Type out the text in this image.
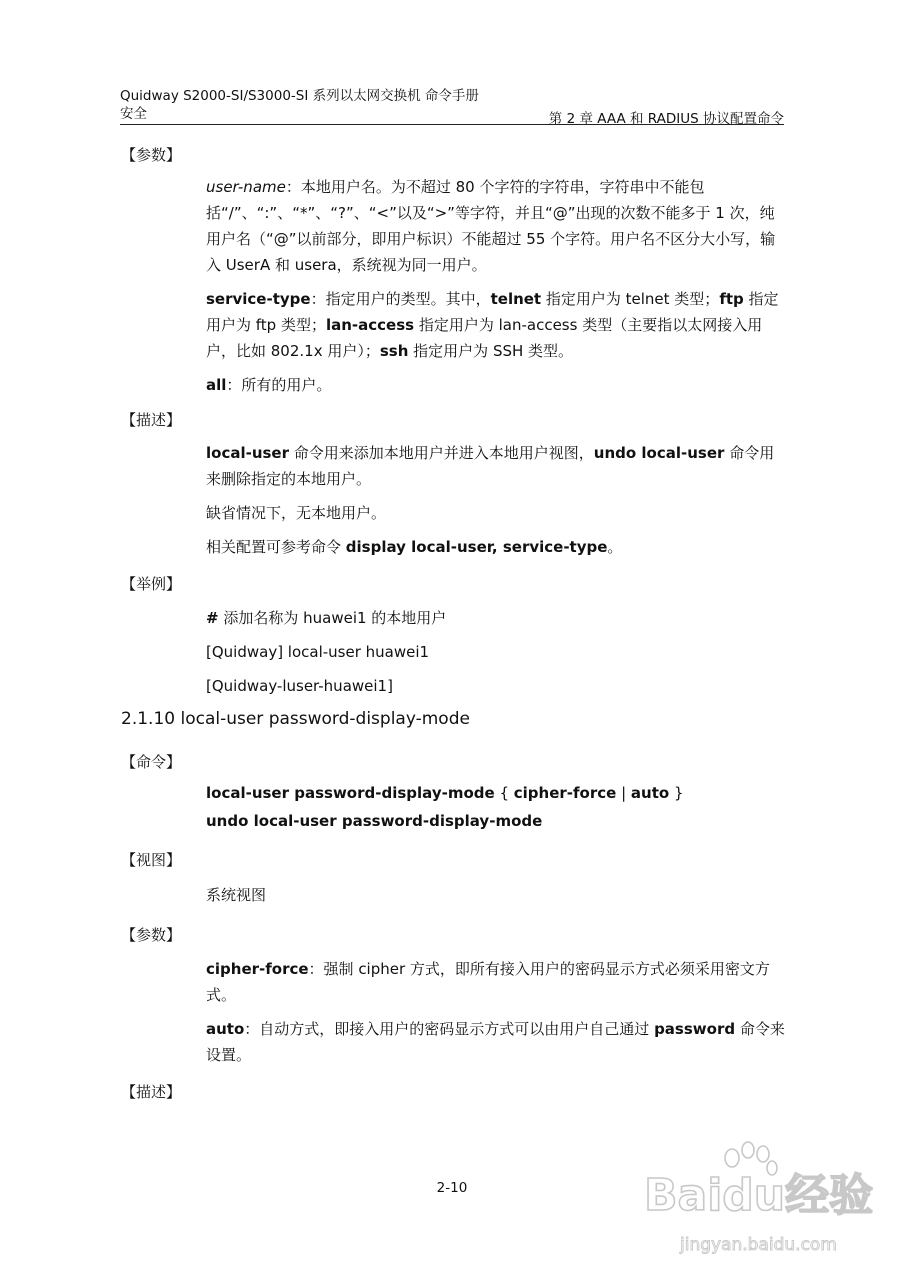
Quidway S2000-SI/S3000-SI 系列以太网交换机 命令手册
安全	第 2 章 AAA 和 RADIUS 协议配置命令
【参数】

user-name：本地用户名。为不超过 80 个字符的字符串，字符串中不能包括“/”、“:”、“*”、“?”、“<”以及“>”等字符，并且“@”出现的次数不能多于 1 次，纯用户名（“@”以前部分，即用户标识）不能超过 55 个字符。用户名不区分大小写，输入 UserA 和 usera，系统视为同一用户。

service-type：指定用户的类型。其中，telnet 指定用户为 telnet 类型；ftp 指定用户为 ftp 类型；lan-access 指定用户为 lan-access 类型（主要指以太网接入用户，比如 802.1x 用户）；ssh 指定用户为 SSH 类型。

all：所有的用户。

【描述】

local-user 命令用来添加本地用户并进入本地用户视图，undo local-user 命令用来删除指定的本地用户。

缺省情况下，无本地用户。

相关配置可参考命令 display local-user, service-type。

【举例】

# 添加名称为 huawei1 的本地用户

[Quidway] local-user huawei1

[Quidway-luser-huawei1]

2.1.10 local-user password-display-mode
【命令】

local-user password-display-mode { cipher-force | auto }

undo local-user password-display-mode

【视图】
系统视图
【参数】

cipher-force：强制 cipher 方式，即所有接入用户的密码显示方式必须采用密文方式。

auto：自动方式，即接入用户的密码显示方式可以由用户自己通过 password 命令来设置。

【描述】
2-10	Baidu经验
jingyan.baidu.com
